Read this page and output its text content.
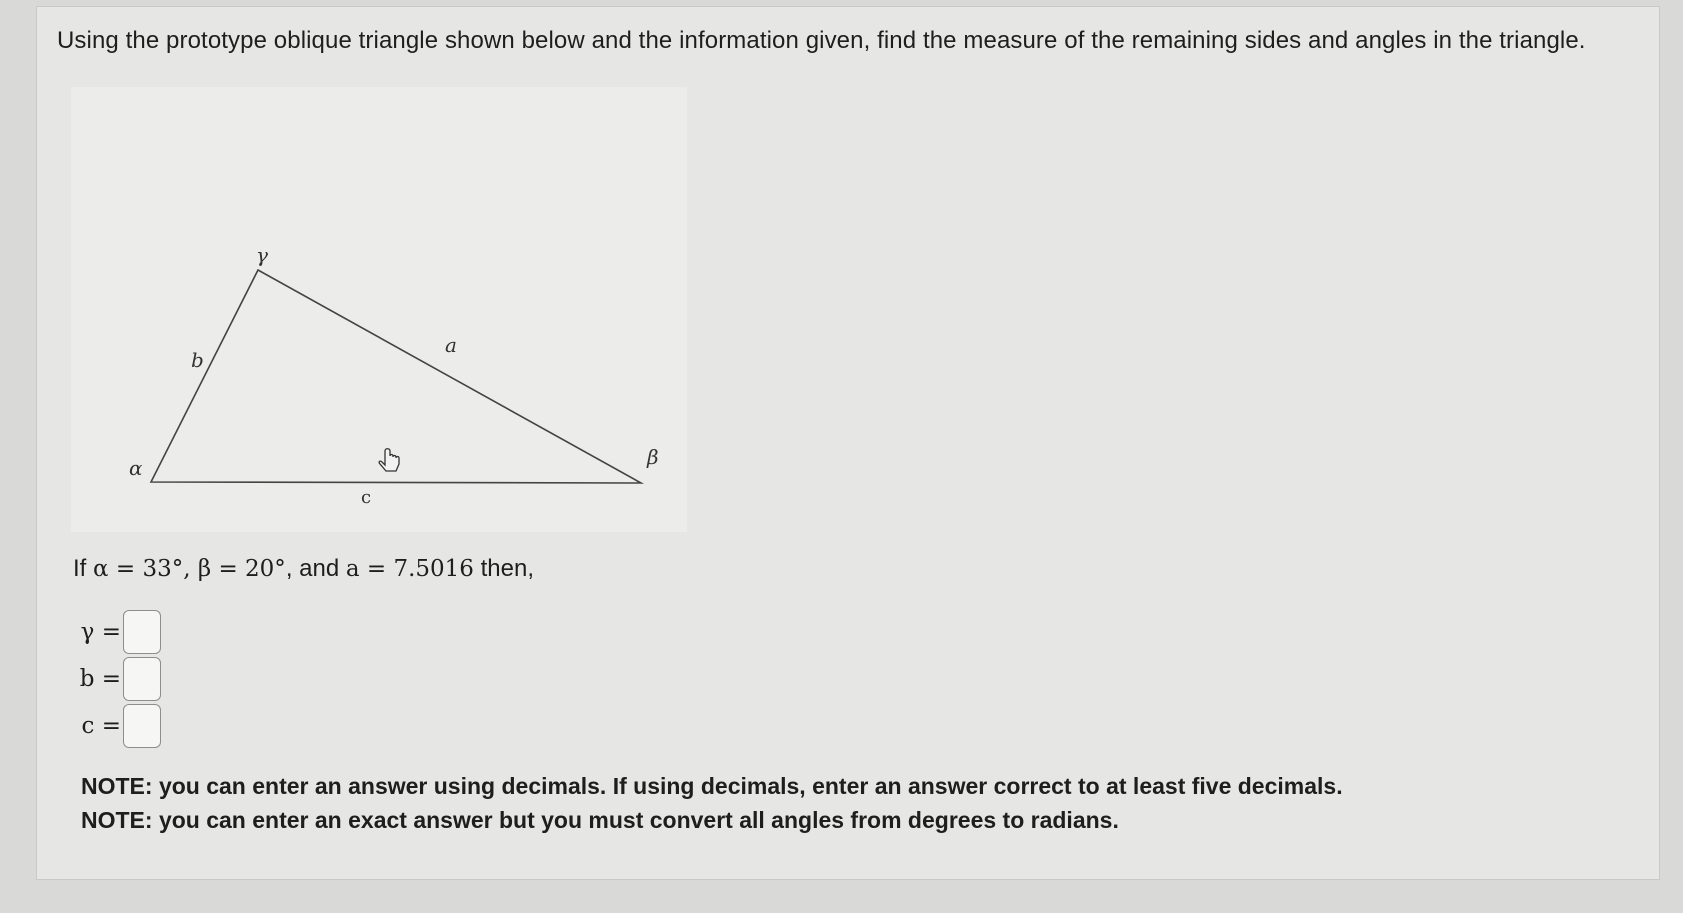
Using the prototype oblique triangle shown below and the information given, find the measure of the remaining sides and angles in the triangle.
γ
b
a
α	β
c
If α = 33°, β = 20°, and a = 7.5016 then,
γ =
b =
c =
NOTE: you can enter an answer using decimals. If using decimals, enter an answer correct to at least five decimals.
NOTE: you can enter an exact answer but you must convert all angles from degrees to radians.
